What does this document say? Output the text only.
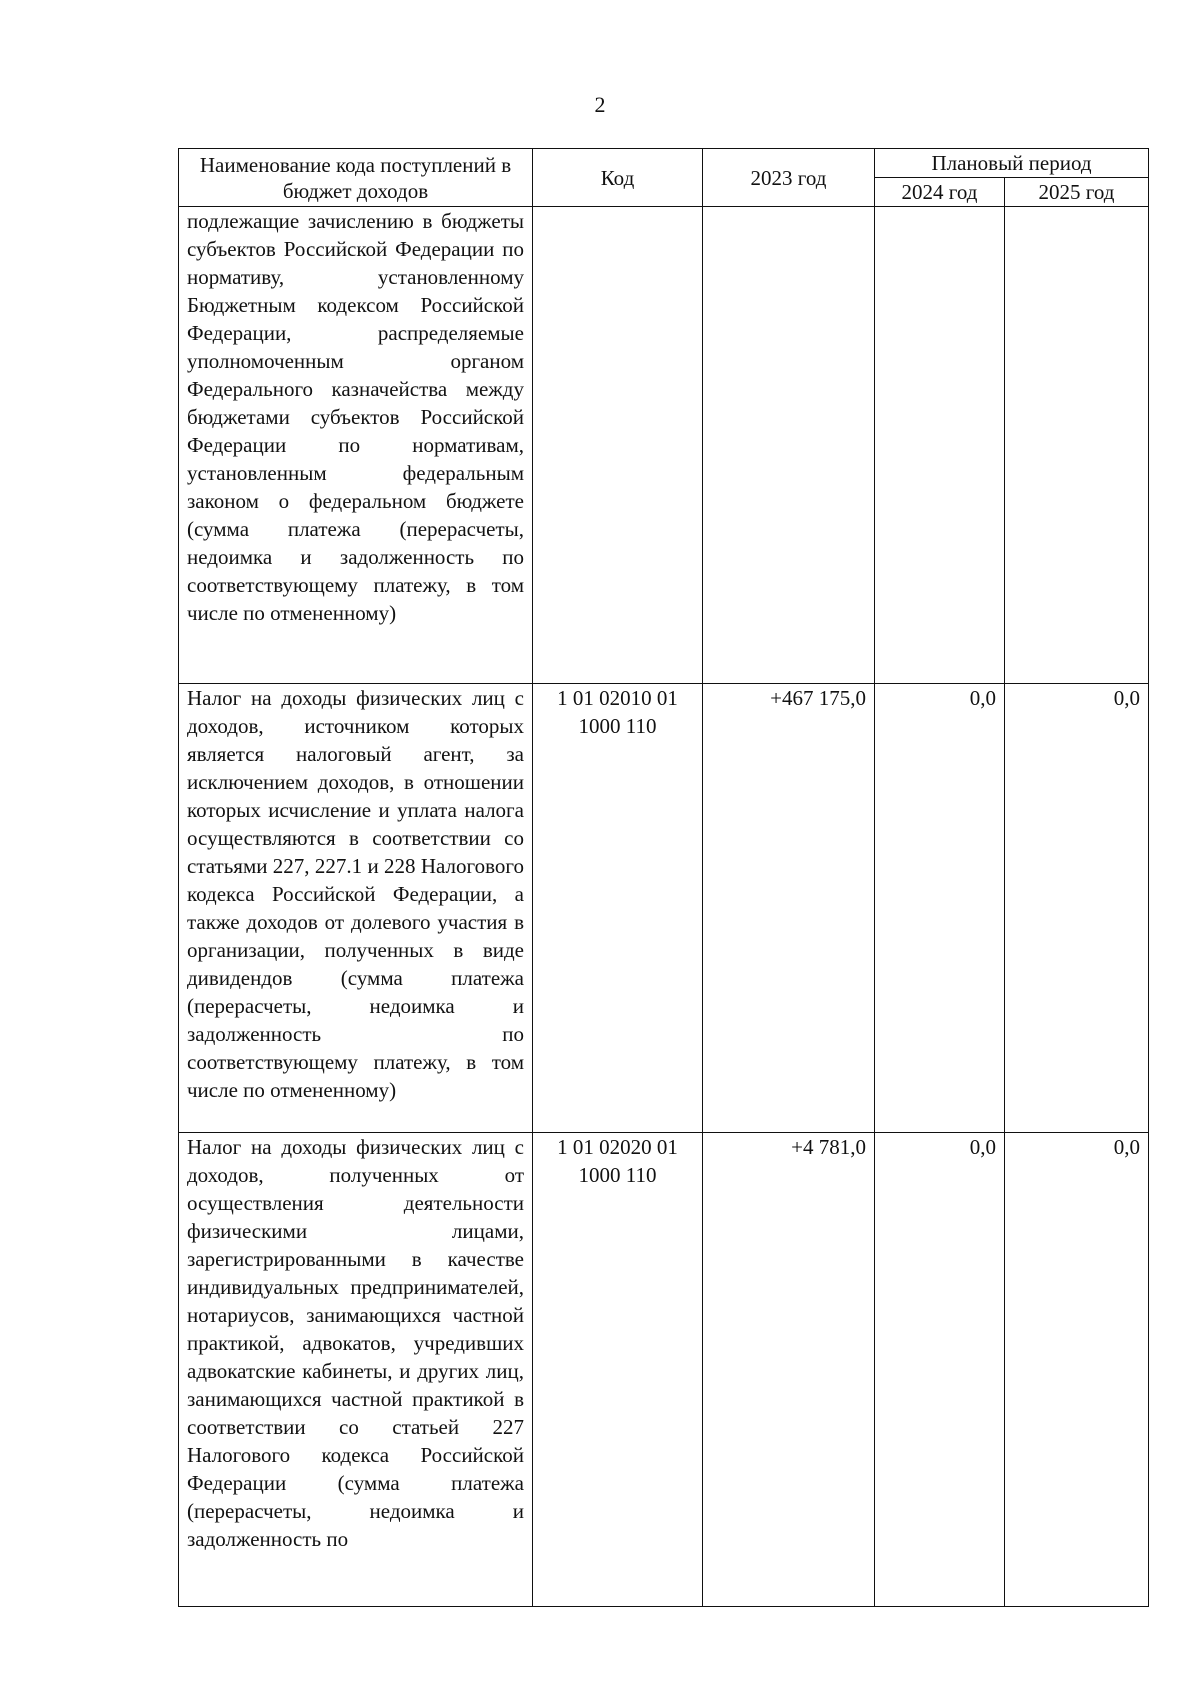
2
Наименование кода поступлений в бюджет доходов	Код	2023 год	Плановый период	
			2024 год	2025 год
подлежащие зачислению в бюджеты субъектов Российской Федерации по нормативу, установленному Бюджетным кодексом Российской Федерации, распределяемые уполномоченным органом Федерального казначейства между бюджетами субъектов Российской Федерации по нормативам, установленным федеральным законом о федеральном бюджете (сумма платежа (перерасчеты, недоимка и задолженность по соответствующему платежу, в том числе по отмененному)				
Налог на доходы физических лиц с доходов, источником которых является налоговый агент, за исключением доходов, в отношении которых исчисление и уплата налога осуществляются в соответствии со статьями 227, 227.1 и 228 Налогового кодекса Российской Федерации, а также доходов от долевого участия в организации, полученных в виде дивидендов (сумма платежа (перерасчеты, недоимка и задолженность по соответствующему платежу, в том числе по отмененному)	1 01 02010 01 1000 110	+467 175,0	0,0	0,0
Налог на доходы физических лиц с доходов, полученных от осуществления деятельности физическими лицами, зарегистрированными в качестве индивидуальных предпринимателей, нотариусов, занимающихся частной практикой, адвокатов, учредивших адвокатские кабинеты, и других лиц, занимающихся частной практикой в соответствии со статьей 227 Налогового кодекса Российской Федерации (сумма платежа (перерасчеты, недоимка и задолженность по	1 01 02020 01 1000 110	+4 781,0	0,0	0,0
